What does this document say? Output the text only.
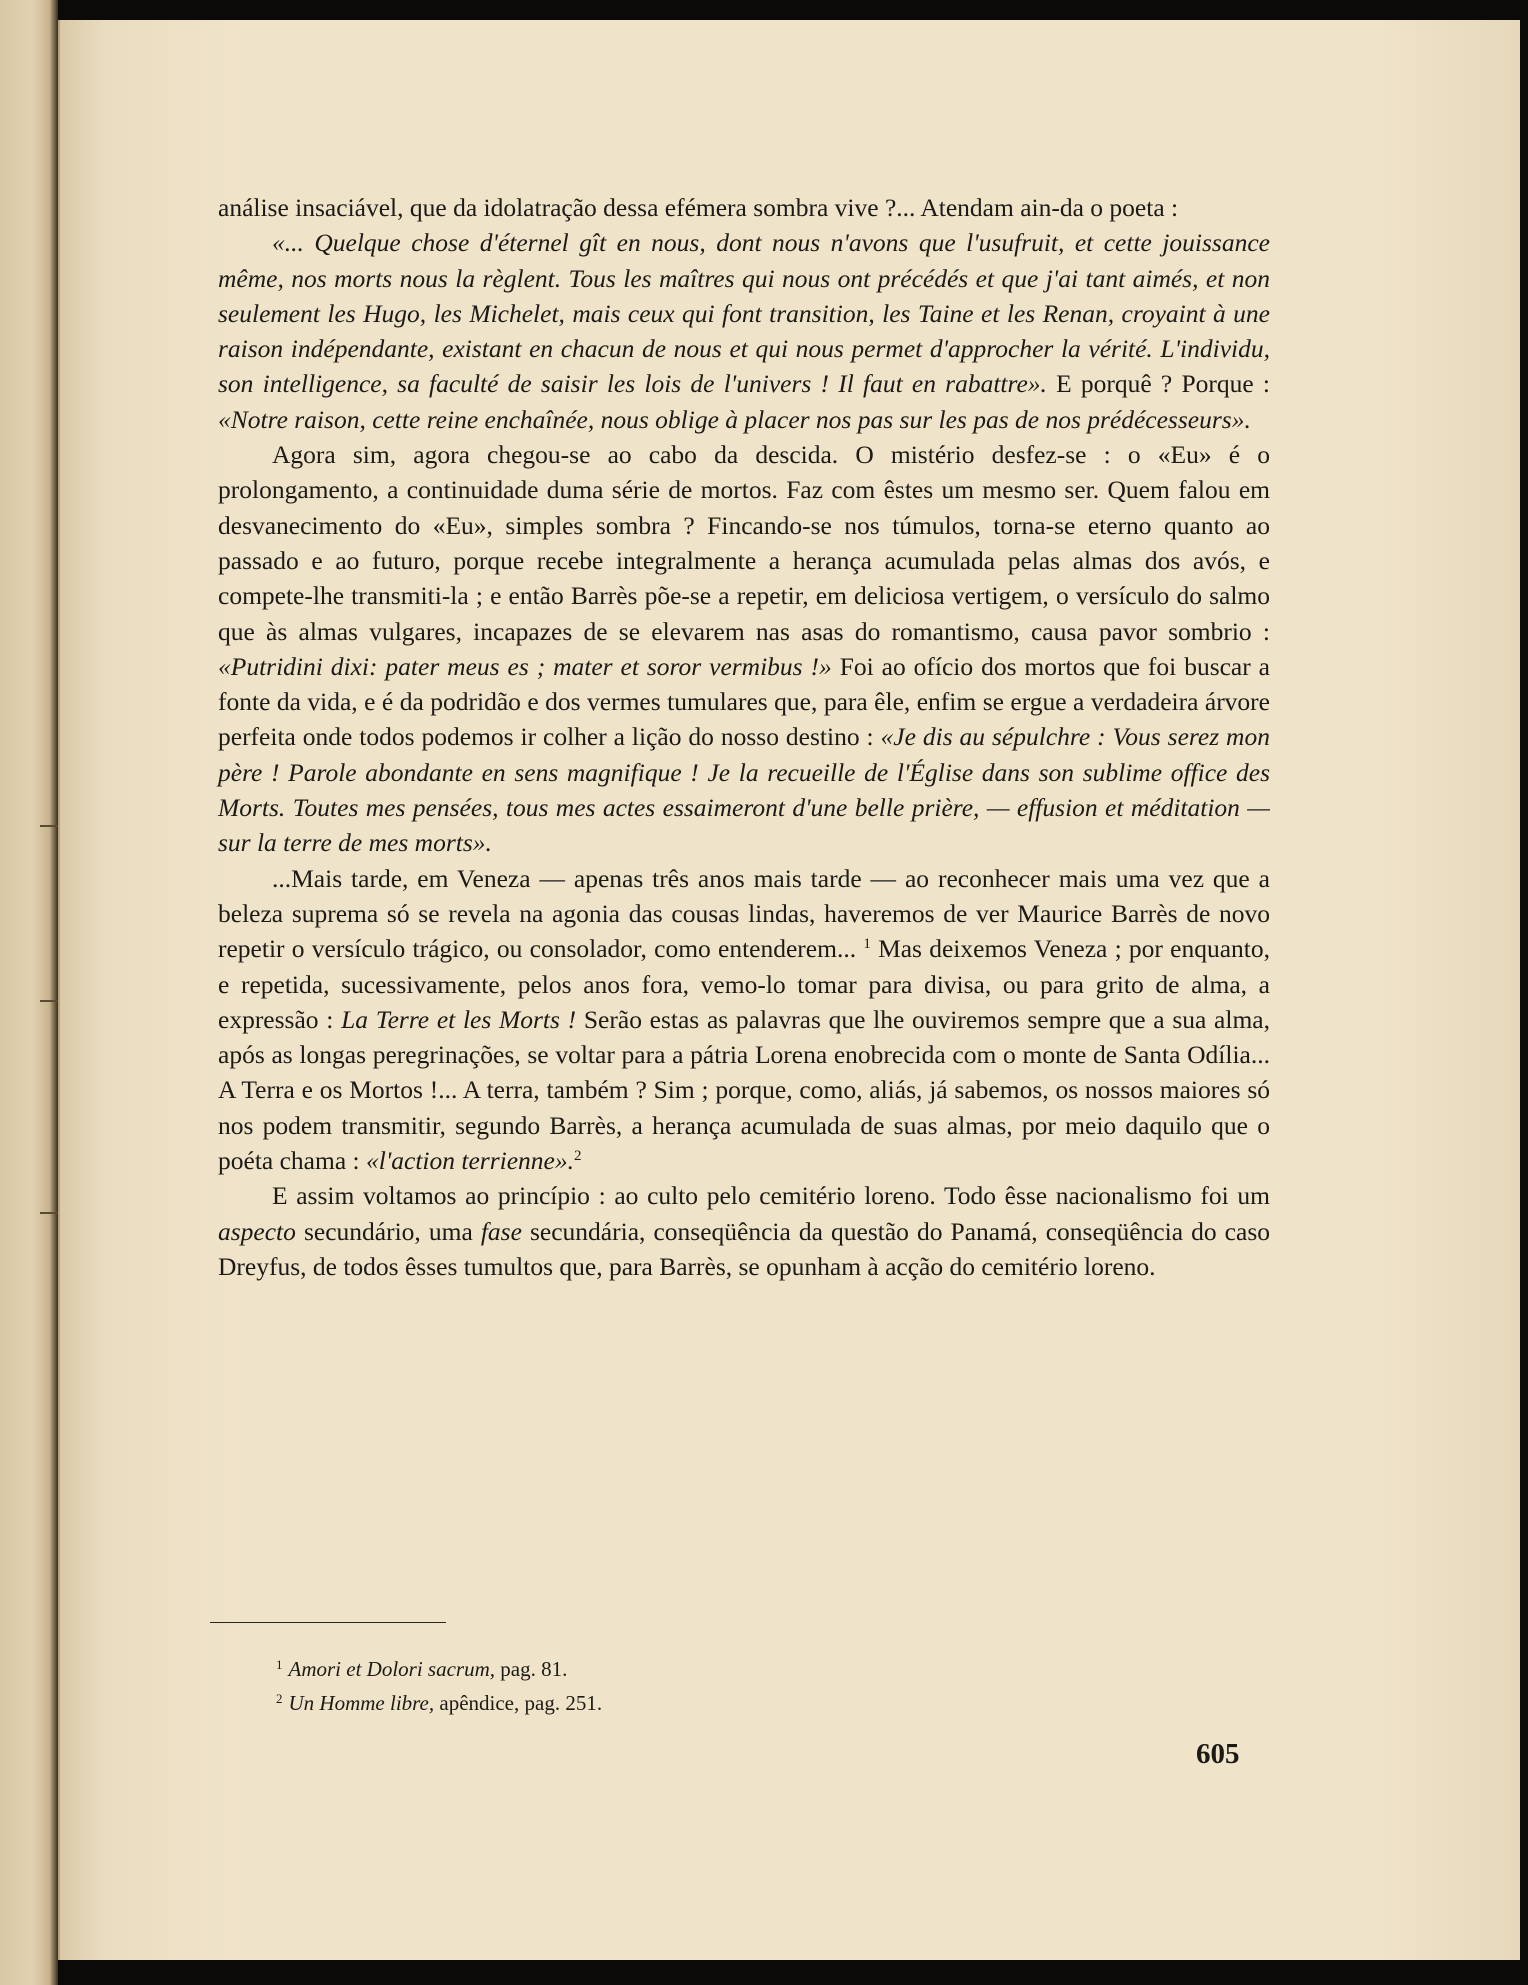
análise insaciável, que da idolatração dessa efémera sombra vive ?... Atendam ain-da o poeta :

«... Quelque chose d'éternel gît en nous, dont nous n'avons que l'usufruit, et cette jouissance même, nos morts nous la règlent. Tous les maîtres qui nous ont précédés et que j'ai tant aimés, et non seulement les Hugo, les Michelet, mais ceux qui font transition, les Taine et les Renan, croyaint à une raison indépendante, existant en chacun de nous et qui nous permet d'approcher la vérité. L'individu, son intelligence, sa faculté de saisir les lois de l'univers ! Il faut en rabattre». E porquê ? Porque : «Notre raison, cette reine enchaînée, nous oblige à placer nos pas sur les pas de nos prédécesseurs».

Agora sim, agora chegou-se ao cabo da descida. O mistério desfez-se : o «Eu» é o prolongamento, a continuidade duma série de mortos. Faz com êstes um mesmo ser. Quem falou em desvanecimento do «Eu», simples sombra ? Fincando-se nos túmulos, torna-se eterno quanto ao passado e ao futuro, porque recebe integralmente a herança acumulada pelas almas dos avós, e compete-lhe transmiti-la ; e então Barrès põe-se a repetir, em deliciosa vertigem, o versículo do salmo que às almas vulgares, incapazes de se elevarem nas asas do romantismo, causa pavor sombrio : «Putridini dixi: pater meus es ; mater et soror vermibus !» Foi ao ofício dos mortos que foi buscar a fonte da vida, e é da podridão e dos vermes tumulares que, para êle, enfim se ergue a verdadeira árvore perfeita onde todos podemos ir colher a lição do nosso destino : «Je dis au sépulchre : Vous serez mon père ! Parole abondante en sens magnifique ! Je la recueille de l'Église dans son sublime office des Morts. Toutes mes pensées, tous mes actes essaimeront d'une belle prière, — effusion et méditation — sur la terre de mes morts».

...Mais tarde, em Veneza — apenas três anos mais tarde — ao reconhecer mais uma vez que a beleza suprema só se revela na agonia das cousas lindas, haveremos de ver Maurice Barrès de novo repetir o versículo trágico, ou consolador, como entenderem... $^1$ Mas deixemos Veneza ; por enquanto, e repetida, sucessivamente, pelos anos fora, vemo-lo tomar para divisa, ou para grito de alma, a expressão : La Terre et les Morts ! Serão estas as palavras que lhe ouviremos sempre que a sua alma, após as longas peregrinações, se voltar para a pátria Lorena enobrecida com o monte de Santa Odília... A Terra e os Mortos !... A terra, também ? Sim ; porque, como, aliás, já sabemos, os nossos maiores só nos podem transmitir, segundo Barrès, a herança acumulada de suas almas, por meio daquilo que o poéta chama : «l'action terrienne».$^2$

E assim voltamos ao princípio : ao culto pelo cemitério loreno. Todo êsse nacionalismo foi um aspecto secundário, uma fase secundária, conseqüência da questão do Panamá, conseqüência do caso Dreyfus, de todos êsses tumultos que, para Barrès, se opunham à acção do cemitério loreno.

$^1$ Amori et Dolori sacrum, pag. 81.
$^2$ Un Homme libre, apêndice, pag. 251.
605
